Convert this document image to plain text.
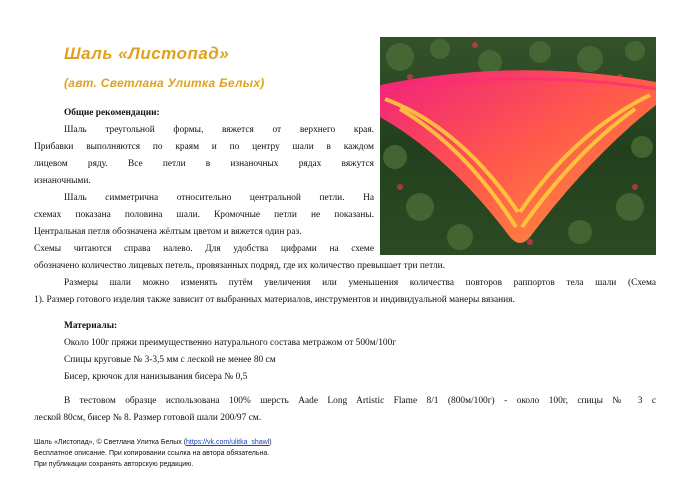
Шаль «Листопад»
(авт. Светлана Улитка Белых)
Общие рекомендации:
Шаль треугольной формы, вяжется от верхнего края.
Прибавки выполняются по краям и по центру шали в каждом
лицевом ряду. Все петли в изнаночных рядах вяжутся
изнаночными.
Шаль симметрична относительно центральной петли. На
схемах показана половина шали. Кромочные петли не показаны.
Центральная петля обозначена жёлтым цветом и вяжется один раз.
Схемы читаются справа налево. Для удобства цифрами на схеме
обозначено количество лицевых петель, провязанных подряд, где их количество превышает три петли.
Размеры шали можно изменять путём увеличения или уменьшения количества повторов раппортов тела шали (Схема
1). Размер готового изделия также зависит от выбранных материалов, инструментов и индивидуальной манеры вязания.
Материалы:
Около 100г пряжи преимущественно натурального состава метражом от 500м/100г
Спицы круговые № 3-3,5 мм с леской не менее 80 см
Бисер, крючок для нанизывания бисера № 0,5
В тестовом образце использована 100% шерсть Aade Long Artistic Flame 8/1 (800м/100г) - около 100г, спицы № 3 с
леской 80см, бисер № 8. Размер готовой шали 200/97 см.
Шаль «Листопад», © Светлана Улитка Белых (https://vk.com/ulitka_shawl)
Бесплатное описание. При копировании ссылка на автора обязательна.
При публикации сохранять авторскую редакцию.
